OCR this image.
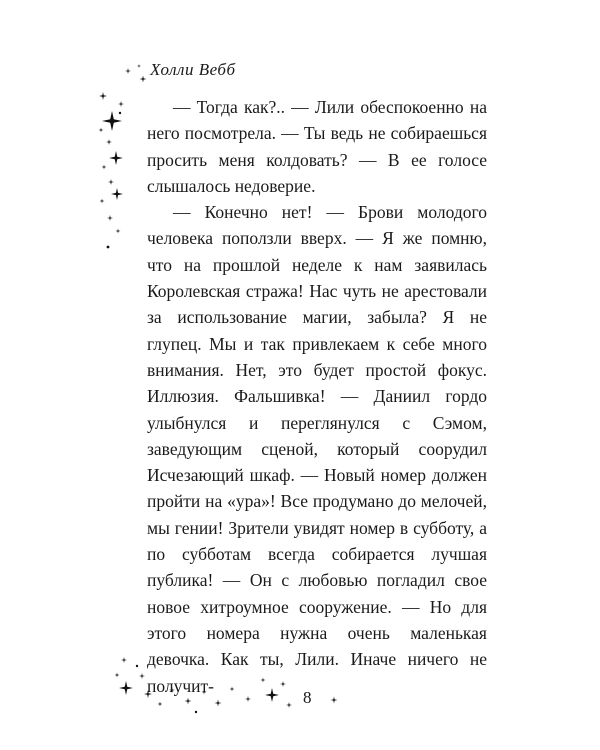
Холли Вебб

— Тогда как?.. — Лили обеспокоенно на него посмотрела. — Ты ведь не собираешься просить меня колдовать? — В ее голосе слышалось недоверие.

— Конечно нет! — Брови молодого человека поползли вверх. — Я же помню, что на прошлой неделе к нам заявилась Королевская стража! Нас чуть не арестовали за использование магии, забыла? Я не глупец. Мы и так привлекаем к себе много внимания. Нет, это будет простой фокус. Иллюзия. Фальшивка! — Даниил гордо улыбнулся и переглянулся с Сэмом, заведующим сценой, который соорудил Исчезающий шкаф. — Новый номер должен пройти на «ура»! Все продумано до мелочей, мы гении! Зрители увидят номер в субботу, а по субботам всегда собирается лучшая публика! — Он с любовью погладил свое новое хитроумное сооружение. — Но для этого номера нужна очень маленькая девочка. Как ты, Лили. Иначе ничего не получит-

8
